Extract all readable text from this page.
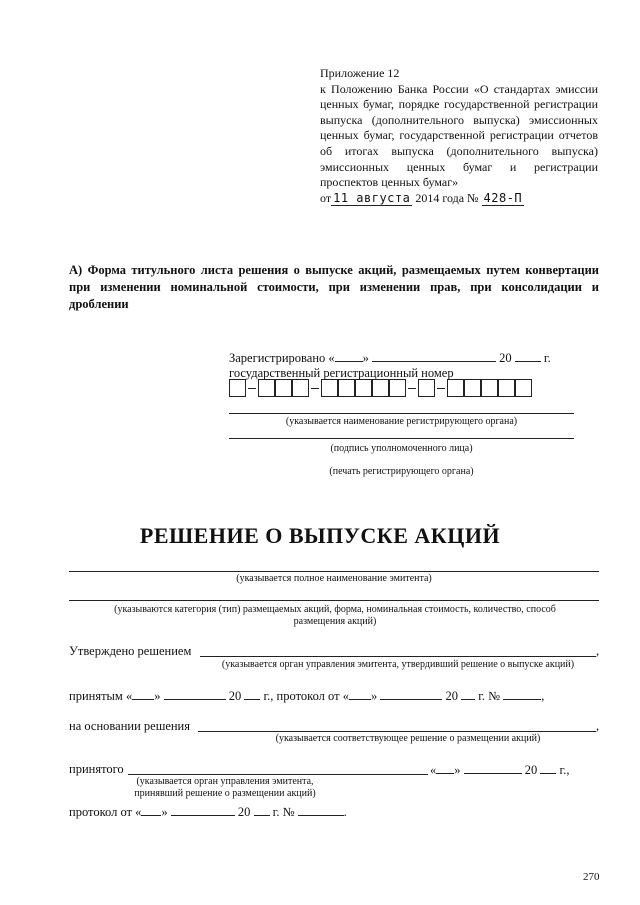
Приложение 12
к Положению Банка России «О стандартах эмиссии ценных бумаг, порядке государственной регистрации выпуска (дополнительного выпуска) эмиссионных ценных бумаг, государственной регистрации отчетов об итогах выпуска (дополнительного выпуска) эмиссионных ценных бумаг и регистрации проспектов ценных бумаг»
от 11 августа 2014 года № 428-П
А) Форма титульного листа решения о выпуске акций, размещаемых путем конвертации при изменении номинальной стоимости, при изменении прав, при консолидации и дроблении
Зарегистрировано « »	20	г.
государственный регистрационный номер
(указывается наименование регистрирующего органа)
(подпись уполномоченного лица)
(печать регистрирующего органа)
РЕШЕНИЕ О ВЫПУСКЕ АКЦИЙ
(указывается полное наименование эмитента)
(указываются категория (тип) размещаемых акций, форма, номинальная стоимость, количество, способ размещения акций)
Утверждено решением	,
(указывается орган управления эмитента, утвердивший решение о выпуске акций)
принятым « »	20 г., протокол от « »	20 г. №	,
на основании решения	,
(указывается соответствующее решение о размещении акций)
принятого	« »	20 г.,
(указывается орган управления эмитента, принявший решение о размещении акций)
протокол от « »	20 г. №	.
270
